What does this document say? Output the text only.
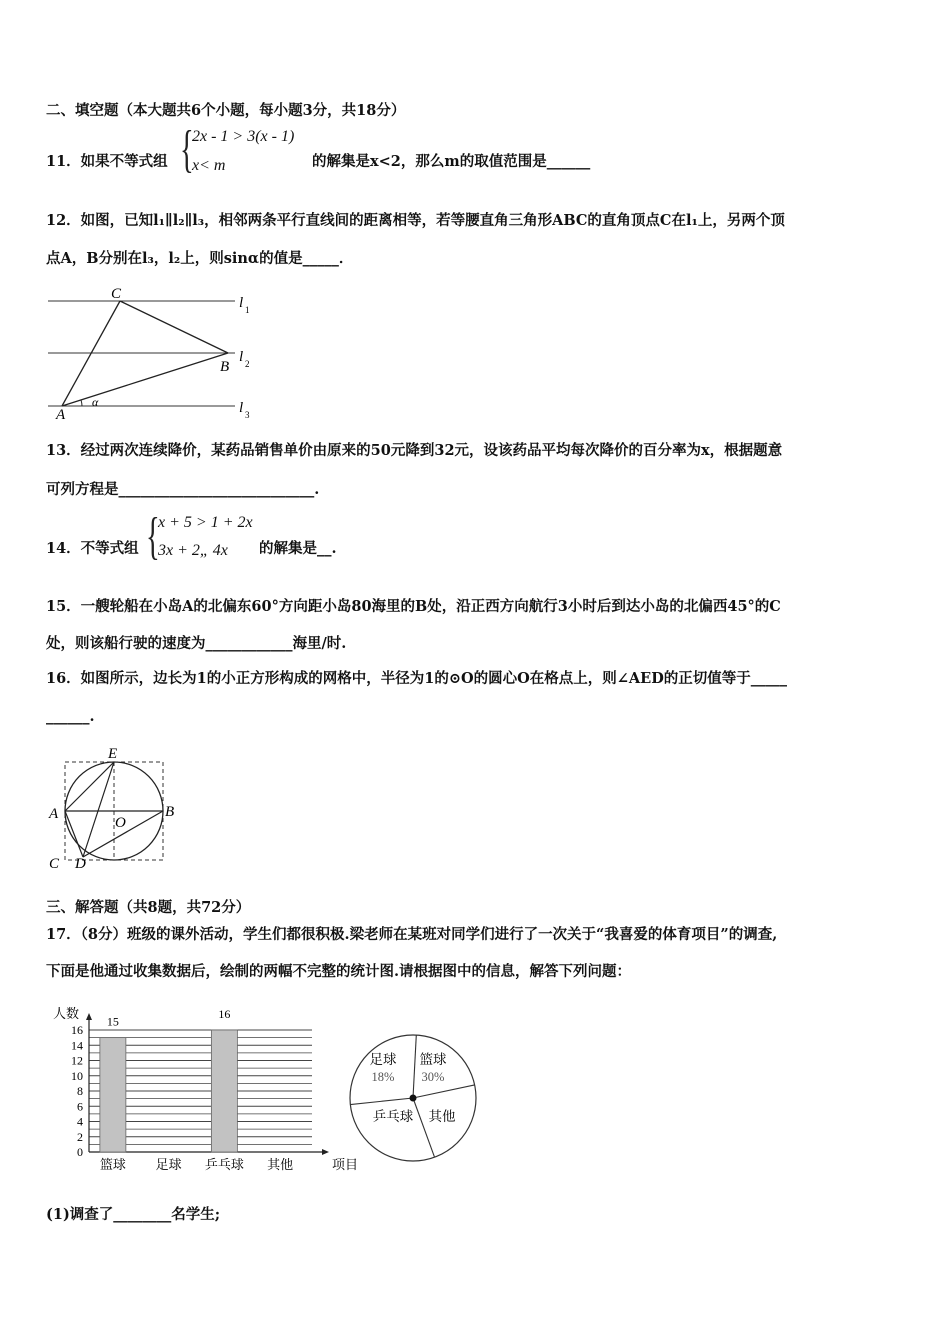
二、填空题（本大题共6个小题，每小题3分，共18分）
11．如果不等式组 {
2x - 1 > 3(x - 1)
x< m	的解集是x<2，那么m的取值范围是______
12．如图，已知l₁∥l₂∥l₃，相邻两条平行直线间的距离相等，若等腰直角三角形ABC的直角顶点C在l₁上，另两个顶
点A，B分别在l₃，l₂上，则sinα的值是_____．
C
B
A
α
l 1
l 2
l 3
13．经过两次连续降价，某药品销售单价由原来的50元降到32元，设该药品平均每次降价的百分率为x，根据题意
可列方程是___________________________.
14．不等式组 {
x + 5 > 1 + 2x
3x + 2„ 4x 的解集是__.
15．一艘轮船在小岛A的北偏东60°方向距小岛80海里的B处，沿正西方向航行3小时后到达小岛的北偏西45°的C
处，则该船行驶的速度为____________海里/时.
16．如图所示，边长为1的小正方形构成的网格中，半径为1的⊙O的圆心O在格点上，则∠AED的正切值等于_____
______.
E
A	B
O
C D
三、解答题（共8题，共72分）
17．（8分）班级的课外活动，学生们都很积极.梁老师在某班对同学们进行了一次关于“我喜爱的体育项目”的调查,
下面是他通过收集数据后，绘制的两幅不完整的统计图.请根据图中的信息，解答下列问题：
0
2
4
6
8
10
12
14
16
人数
项目
15
篮球 足球
16
乒乓球 其他
足球
18%
篮球
30%
乒乓球 其他
(1)调查了________名学生;
